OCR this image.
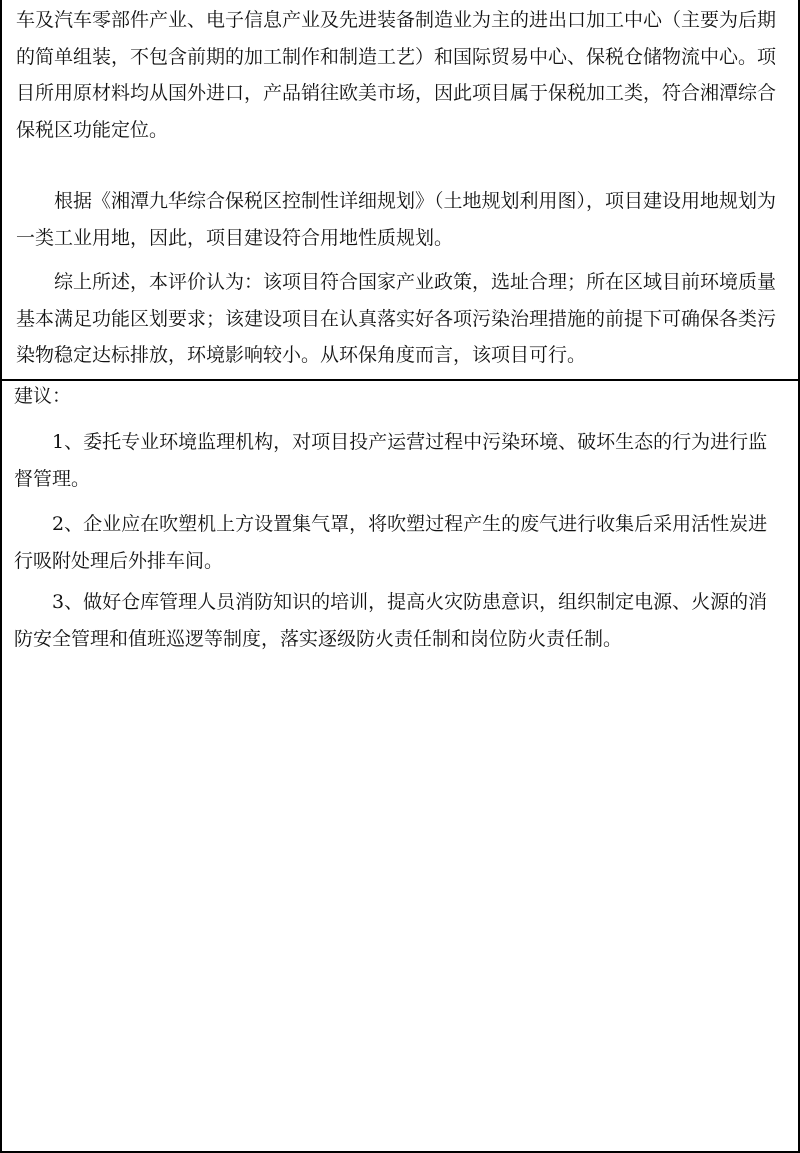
车及汽车零部件产业、电子信息产业及先进装备制造业为主的进出口加工中心（主要为后期的简单组装，不包含前期的加工制作和制造工艺）和国际贸易中心、保税仓储物流中心。项目所用原材料均从国外进口，产品销往欧美市场，因此项目属于保税加工类，符合湘潭综合保税区功能定位。

根据《湘潭九华综合保税区控制性详细规划》（土地规划利用图），项目建设用地规划为一类工业用地，因此，项目建设符合用地性质规划。

综上所述，本评价认为：该项目符合国家产业政策，选址合理；所在区域目前环境质量基本满足功能区划要求；该建设项目在认真落实好各项污染治理措施的前提下可确保各类污染物稳定达标排放，环境影响较小。从环保角度而言，该项目可行。

建议：

1、委托专业环境监理机构，对项目投产运营过程中污染环境、破坏生态的行为进行监督管理。

2、企业应在吹塑机上方设置集气罩，将吹塑过程产生的废气进行收集后采用活性炭进行吸附处理后外排车间。

3、做好仓库管理人员消防知识的培训，提高火灾防患意识，组织制定电源、火源的消防安全管理和值班巡逻等制度，落实逐级防火责任制和岗位防火责任制。
